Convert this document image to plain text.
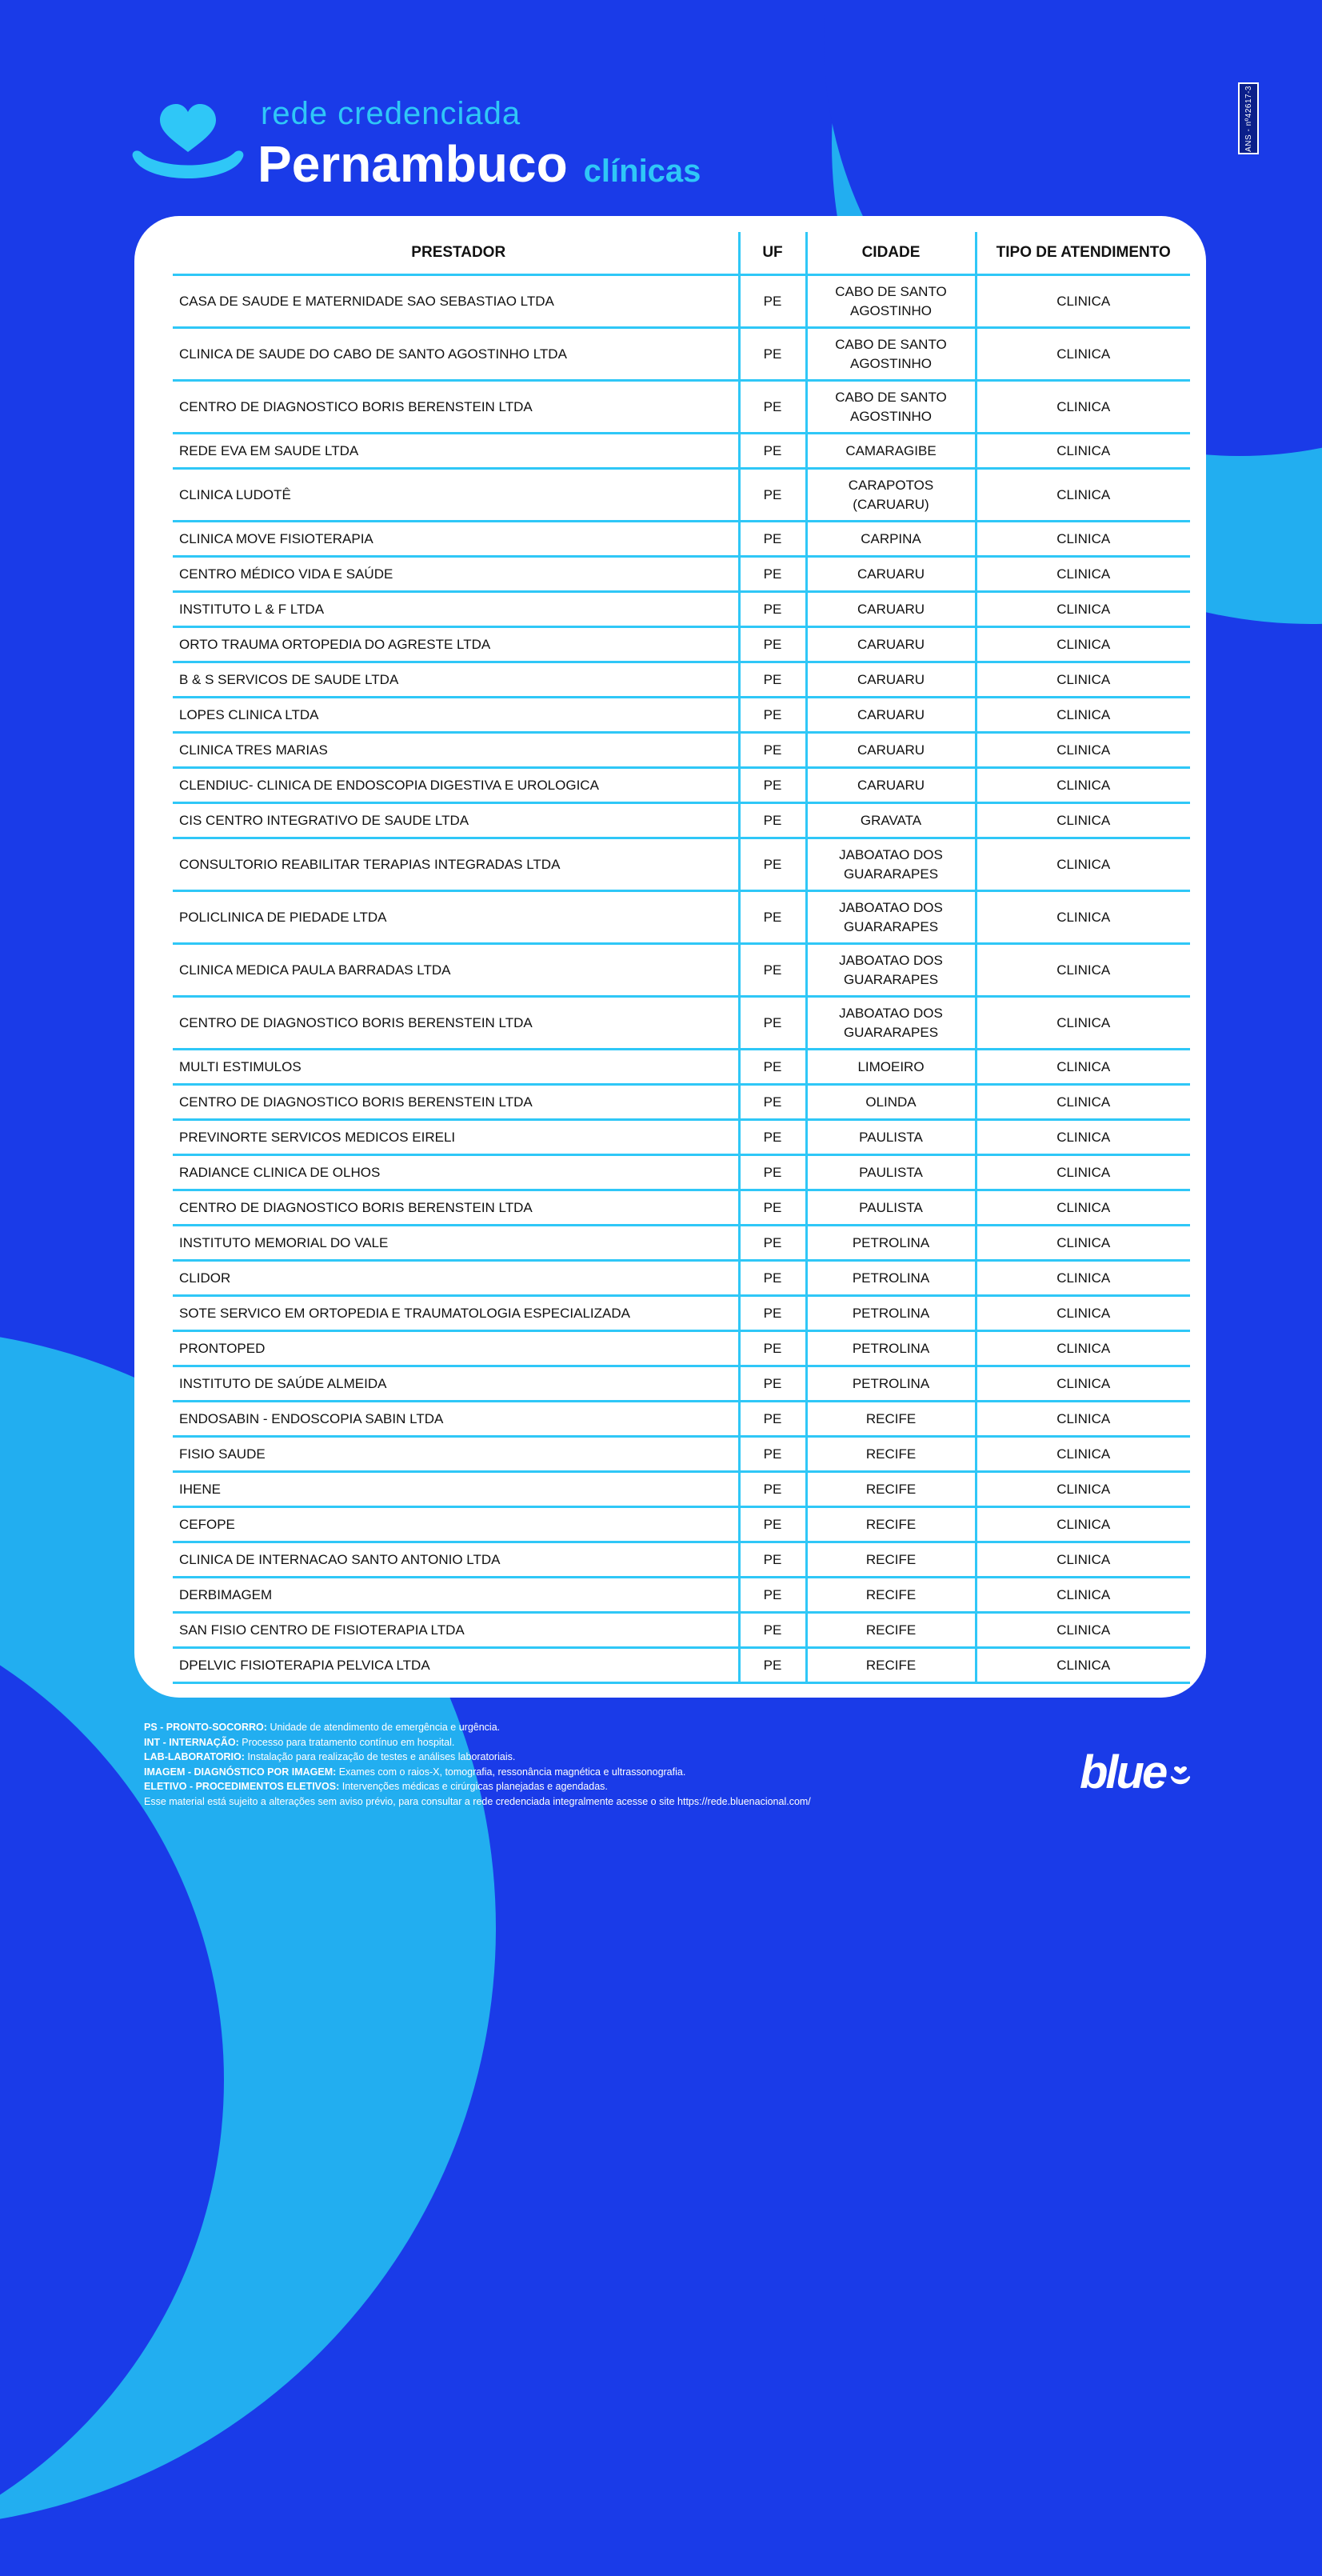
ANS - nº42617-3
rede credenciada
Pernambuco clínicas
PRESTADOR	UF	CIDADE	TIPO DE ATENDIMENTO
CASA DE SAUDE E MATERNIDADE SAO SEBASTIAO LTDA	PE	CABO DE SANTO AGOSTINHO	CLINICA
CLINICA DE SAUDE DO CABO DE SANTO AGOSTINHO LTDA	PE	CABO DE SANTO AGOSTINHO	CLINICA
CENTRO DE DIAGNOSTICO BORIS BERENSTEIN LTDA	PE	CABO DE SANTO AGOSTINHO	CLINICA
REDE EVA EM SAUDE LTDA	PE	CAMARAGIBE	CLINICA
CLINICA LUDOTÊ	PE	CARAPOTOS (CARUARU)	CLINICA
CLINICA MOVE FISIOTERAPIA	PE	CARPINA	CLINICA
CENTRO MÉDICO VIDA E SAÚDE	PE	CARUARU	CLINICA
INSTITUTO L & F LTDA	PE	CARUARU	CLINICA
ORTO TRAUMA ORTOPEDIA DO AGRESTE LTDA	PE	CARUARU	CLINICA
B & S SERVICOS DE SAUDE LTDA	PE	CARUARU	CLINICA
LOPES CLINICA LTDA	PE	CARUARU	CLINICA
CLINICA TRES MARIAS	PE	CARUARU	CLINICA
CLENDIUC- CLINICA DE ENDOSCOPIA DIGESTIVA E UROLOGICA	PE	CARUARU	CLINICA
CIS CENTRO INTEGRATIVO DE SAUDE LTDA	PE	GRAVATA	CLINICA
CONSULTORIO REABILITAR TERAPIAS INTEGRADAS LTDA	PE	JABOATAO DOS GUARARAPES	CLINICA
POLICLINICA DE PIEDADE LTDA	PE	JABOATAO DOS GUARARAPES	CLINICA
CLINICA MEDICA PAULA BARRADAS LTDA	PE	JABOATAO DOS GUARARAPES	CLINICA
CENTRO DE DIAGNOSTICO BORIS BERENSTEIN LTDA	PE	JABOATAO DOS GUARARAPES	CLINICA
MULTI ESTIMULOS	PE	LIMOEIRO	CLINICA
CENTRO DE DIAGNOSTICO BORIS BERENSTEIN LTDA	PE	OLINDA	CLINICA
PREVINORTE SERVICOS MEDICOS EIRELI	PE	PAULISTA	CLINICA
RADIANCE CLINICA DE OLHOS	PE	PAULISTA	CLINICA
CENTRO DE DIAGNOSTICO BORIS BERENSTEIN LTDA	PE	PAULISTA	CLINICA
INSTITUTO MEMORIAL DO VALE	PE	PETROLINA	CLINICA
CLIDOR	PE	PETROLINA	CLINICA
SOTE SERVICO EM ORTOPEDIA E TRAUMATOLOGIA ESPECIALIZADA	PE	PETROLINA	CLINICA
PRONTOPED	PE	PETROLINA	CLINICA
INSTITUTO DE SAÚDE ALMEIDA	PE	PETROLINA	CLINICA
ENDOSABIN - ENDOSCOPIA SABIN LTDA	PE	RECIFE	CLINICA
FISIO SAUDE	PE	RECIFE	CLINICA
IHENE	PE	RECIFE	CLINICA
CEFOPE	PE	RECIFE	CLINICA
CLINICA DE INTERNACAO SANTO ANTONIO LTDA	PE	RECIFE	CLINICA
DERBIMAGEM	PE	RECIFE	CLINICA
SAN FISIO CENTRO DE FISIOTERAPIA LTDA	PE	RECIFE	CLINICA
DPELVIC FISIOTERAPIA PELVICA LTDA	PE	RECIFE	CLINICA

PS - PRONTO-SOCORRO: Unidade de atendimento de emergência e urgência.

INT - INTERNAÇÃO: Processo para tratamento contínuo em hospital.

LAB-LABORATORIO: Instalação para realização de testes e análises laboratoriais.

IMAGEM - DIAGNÓSTICO POR IMAGEM: Exames com o raios-X, tomografia, ressonância magnética e ultrassonografia.

ELETIVO - PROCEDIMENTOS ELETIVOS: Intervenções médicas e cirúrgicas planejadas e agendadas.

Esse material está sujeito a alterações sem aviso prévio, para consultar a rede credenciada integralmente acesse o site https://rede.bluenacional.com/

blue
